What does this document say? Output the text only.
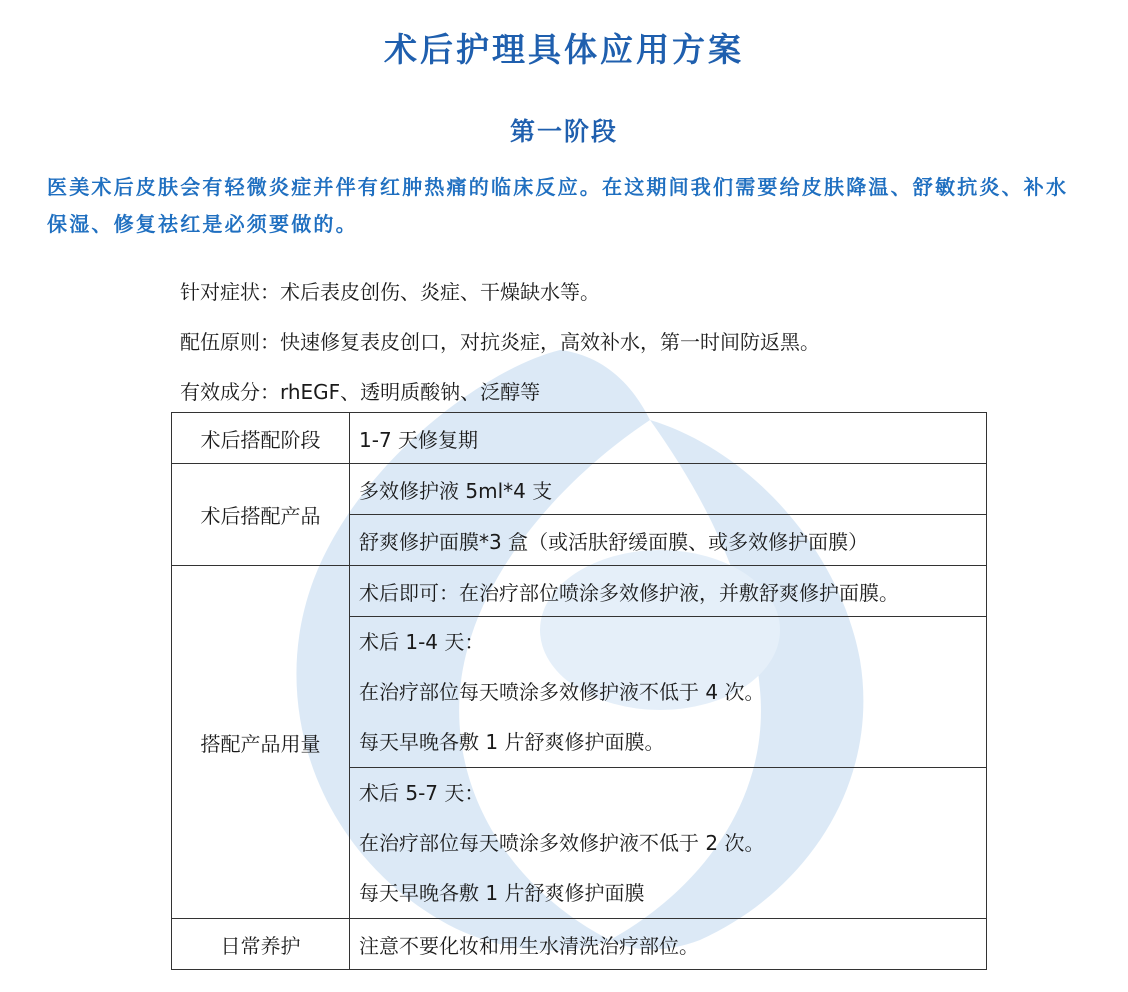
术后护理具体应用方案
第一阶段
医美术后皮肤会有轻微炎症并伴有红肿热痛的临床反应。在这期间我们需要给皮肤降温、舒敏抗炎、补水保湿、修复祛红是必须要做的。
针对症状：术后表皮创伤、炎症、干燥缺水等。
配伍原则：快速修复表皮创口，对抗炎症，高效补水，第一时间防返黑。
有效成分：rhEGF、透明质酸钠、泛醇等
术后搭配阶段	1-7 天修复期
术后搭配产品	多效修护液 5ml*4 支
	舒爽修护面膜*3 盒（或活肤舒缓面膜、或多效修护面膜）
搭配产品用量	术后即可：在治疗部位喷涂多效修护液，并敷舒爽修护面膜。

	术后 1-4 天：
在治疗部位每天喷涂多效修护液不低于 4 次。
每天早晚各敷 1 片舒爽修护面膜。

	术后 5-7 天：
在治疗部位每天喷涂多效修护液不低于 2 次。
每天早晚各敷 1 片舒爽修护面膜

日常养护	注意不要化妆和用生水清洗治疗部位。
